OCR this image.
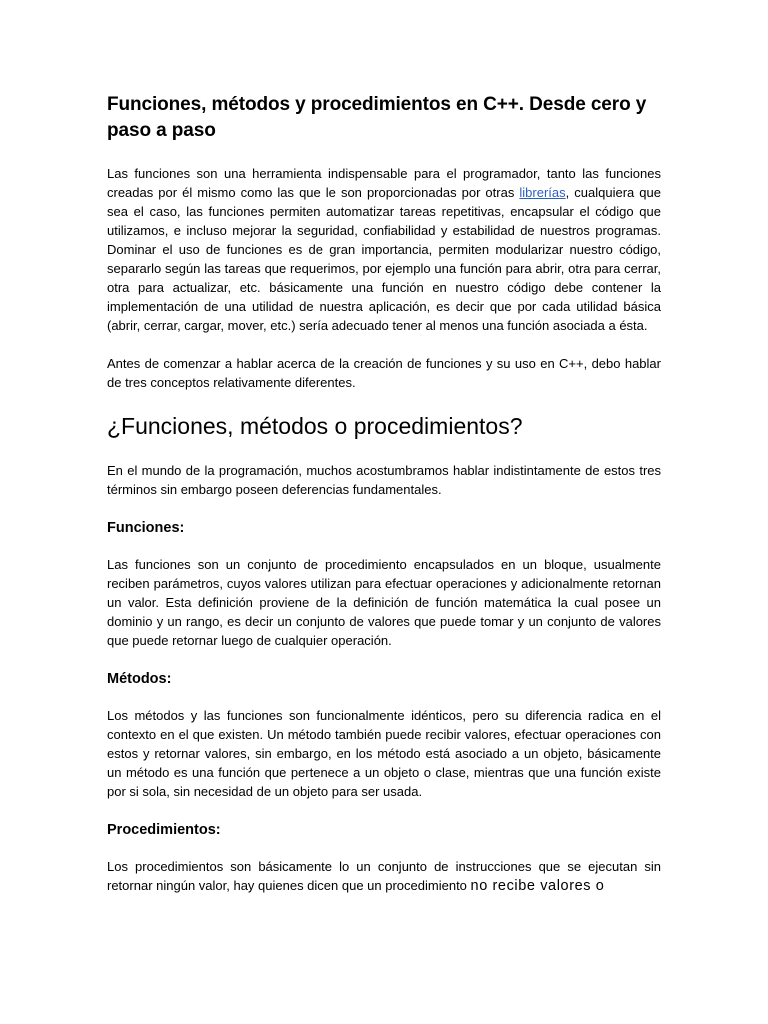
Funciones, métodos y procedimientos en C++. Desde cero y paso a paso

Las funciones son una herramienta indispensable para el programador, tanto las funciones creadas por él mismo como las que le son proporcionadas por otras librerías, cualquiera que sea el caso, las funciones permiten automatizar tareas repetitivas, encapsular el código que utilizamos, e incluso mejorar la seguridad, confiabilidad y estabilidad de nuestros programas. Dominar el uso de funciones es de gran importancia, permiten modularizar nuestro código, separarlo según las tareas que requerimos, por ejemplo una función para abrir, otra para cerrar, otra para actualizar, etc. básicamente una función en nuestro código debe contener la implementación de una utilidad de nuestra aplicación, es decir que por cada utilidad básica (abrir, cerrar, cargar, mover, etc.) sería adecuado tener al menos una función asociada a ésta.

Antes de comenzar a hablar acerca de la creación de funciones y su uso en C++, debo hablar de tres conceptos relativamente diferentes.

¿Funciones, métodos o procedimientos?

En el mundo de la programación, muchos acostumbramos hablar indistintamente de estos tres términos sin embargo poseen deferencias fundamentales.

Funciones:

Las funciones son un conjunto de procedimiento encapsulados en un bloque, usualmente reciben parámetros, cuyos valores utilizan para efectuar operaciones y adicionalmente retornan un valor. Esta definición proviene de la definición de función matemática la cual posee un dominio y un rango, es decir un conjunto de valores que puede tomar y un conjunto de valores que puede retornar luego de cualquier operación.

Métodos:

Los métodos y las funciones son funcionalmente idénticos, pero su diferencia radica en el contexto en el que existen. Un método también puede recibir valores, efectuar operaciones con estos y retornar valores, sin embargo, en los método está asociado a un objeto, básicamente un método es una función que pertenece a un objeto o clase, mientras que una función existe por si sola, sin necesidad de un objeto para ser usada.

Procedimientos:

Los procedimientos son básicamente lo un conjunto de instrucciones que se ejecutan sin retornar ningún valor, hay quienes dicen que un procedimiento no recibe valores o
